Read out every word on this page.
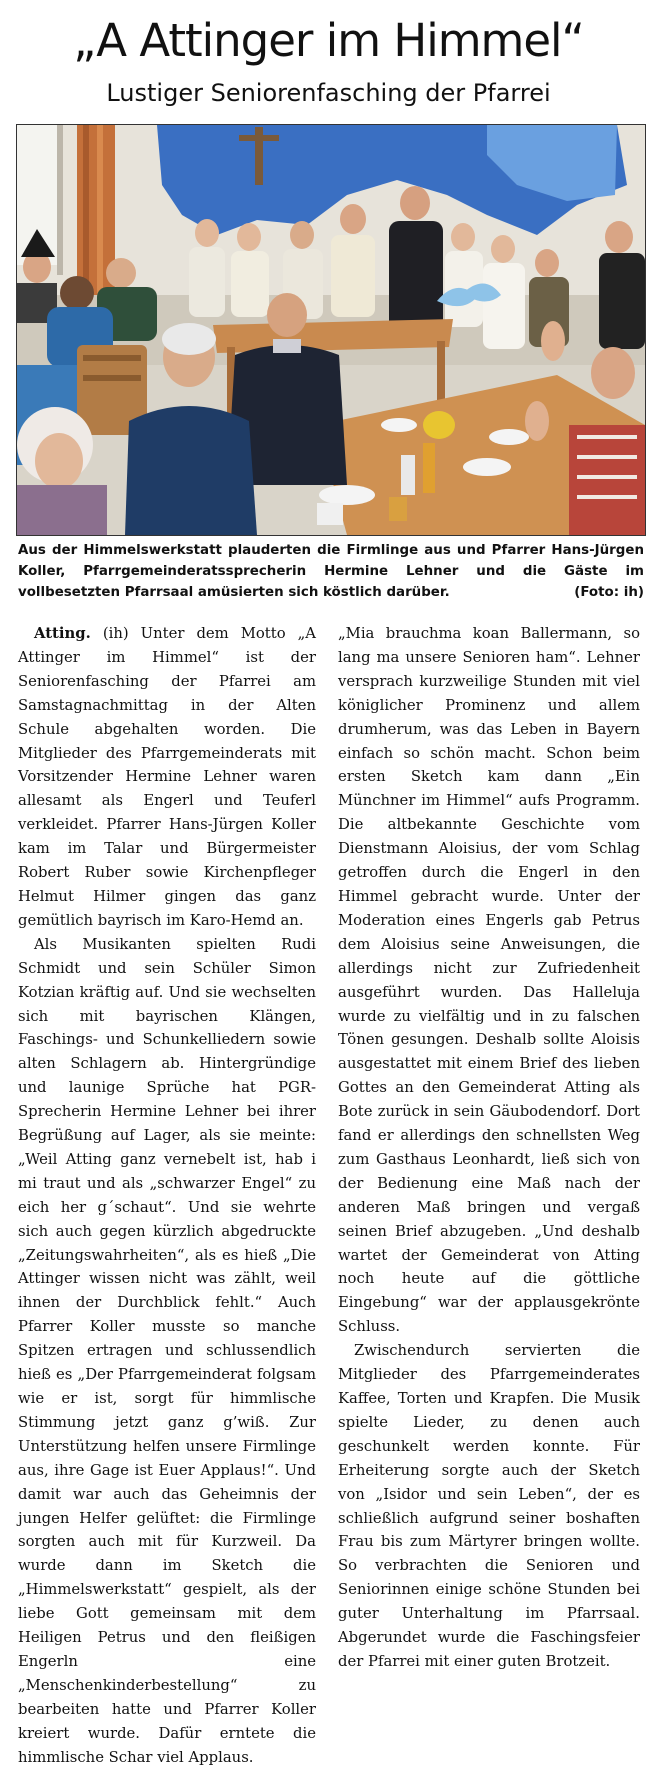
„A Attinger im Himmel“
Lustiger Seniorenfasching der Pfarrei
Aus der Himmelswerkstatt plauderten die Firmlinge aus und Pfarrer Hans-Jürgen Koller, Pfarrgemeinderatssprecherin Hermine Lehner und die Gäste im vollbesetzten Pfarrsaal amüsierten sich köstlich darüber.	(Foto: ih)

Atting. (ih) Unter dem Motto „A Attinger im Himmel“ ist der Seniorenfasching der Pfarrei am Samstagnachmittag in der Alten Schule abgehalten worden. Die Mitglieder des Pfarrgemeinderats mit Vorsitzender Hermine Lehner waren allesamt als Engerl und Teuferl verkleidet. Pfarrer Hans-Jürgen Koller kam im Talar und Bürgermeister Robert Ruber sowie Kirchenpfleger Helmut Hilmer gingen das ganz gemütlich bayrisch im Karo-Hemd an.

Als Musikanten spielten Rudi Schmidt und sein Schüler Simon Kotzian kräftig auf. Und sie wechselten sich mit bayrischen Klängen, Faschings- und Schunkelliedern sowie alten Schlagern ab. Hintergründige und launige Sprüche hat PGR-Sprecherin Hermine Lehner bei ihrer Begrüßung auf Lager, als sie meinte: „Weil Atting ganz vernebelt ist, hab i mi traut und als „schwarzer Engel“ zu eich her g´schaut“. Und sie wehrte sich auch gegen kürzlich abgedruckte „Zeitungswahrheiten“, als es hieß „Die Attinger wissen nicht was zählt, weil ihnen der Durchblick fehlt.“ Auch Pfarrer Koller musste so manche Spitzen ertragen und schlussendlich hieß es „Der Pfarrgemeinderat folgsam wie er ist, sorgt für himmlische Stimmung jetzt ganz g’wiß. Zur Unterstützung helfen unsere Firmlinge aus, ihre Gage ist Euer Applaus!“. Und damit war auch das Geheimnis der jungen Helfer gelüftet: die Firmlinge sorgten auch mit für Kurzweil. Da wurde dann im Sketch die „Himmelswerkstatt“ gespielt, als der liebe Gott gemeinsam mit dem Heiligen Petrus und den fleißigen Engerln eine „Menschenkinderbestellung“ zu bearbeiten hatte und Pfarrer Koller kreiert wurde. Dafür erntete die himmlische Schar viel Applaus.

„Mia brauchma koan Ballermann, so lang ma unsere Senioren ham“. Lehner versprach kurzweilige Stunden mit viel königlicher Prominenz und allem drumherum, was das Leben in Bayern einfach so schön macht. Schon beim ersten Sketch kam dann „Ein Münchner im Himmel“ aufs Programm. Die altbekannte Geschichte vom Dienstmann Aloisius, der vom Schlag getroffen durch die Engerl in den Himmel gebracht wurde. Unter der Moderation eines Engerls gab Petrus dem Aloisius seine Anweisungen, die allerdings nicht zur Zufriedenheit ausgeführt wurden. Das Halleluja wurde zu vielfältig und in zu falschen Tönen gesungen. Deshalb sollte Aloisis ausgestattet mit einem Brief des lieben Gottes an den Gemeinderat Atting als Bote zurück in sein Gäubodendorf. Dort fand er allerdings den schnellsten Weg zum Gasthaus Leonhardt, ließ sich von der Bedienung eine Maß nach der anderen Maß bringen und vergaß seinen Brief abzugeben. „Und deshalb wartet der Gemeinderat von Atting noch heute auf die göttliche Eingebung“ war der applausgekrönte Schluss.

Zwischendurch servierten die Mitglieder des Pfarrgemeinderates Kaffee, Torten und Krapfen. Die Musik spielte Lieder, zu denen auch geschunkelt werden konnte. Für Erheiterung sorgte auch der Sketch von „Isidor und sein Leben“, der es schließlich aufgrund seiner boshaften Frau bis zum Märtyrer bringen wollte. So verbrachten die Senioren und Seniorinnen einige schöne Stunden bei guter Unterhaltung im Pfarrsaal. Abgerundet wurde die Faschingsfeier der Pfarrei mit einer guten Brotzeit.
